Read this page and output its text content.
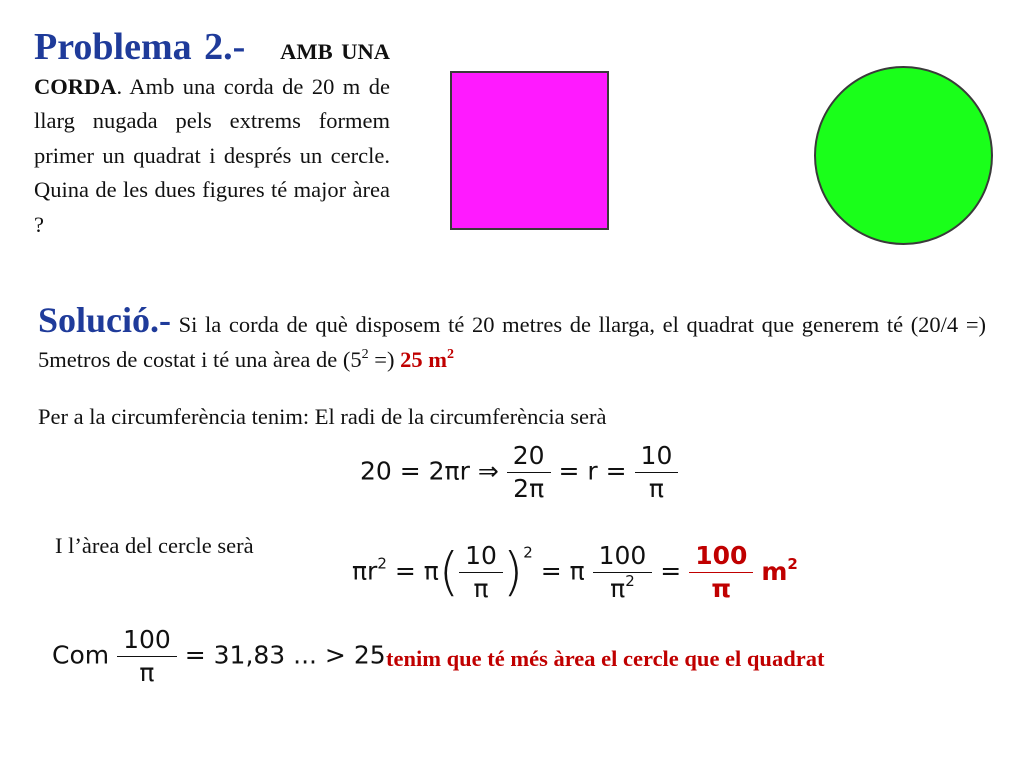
Problema 2.- AMB UNA CORDA. Amb una corda de 20 m de llarg nugada pels extrems formem primer un quadrat i després un cercle. Quina de les dues figures té major àrea ?
Solució.- Si la corda de què disposem té 20 metres de llarga, el quadrat que generem té (20/4 =) 5metros de costat i té una àrea de ($5^2$ =) 25 $m^2$
Per a la circumferència tenim: El radi de la circumferència serà
20 = 2πr ⇒ $\frac{20}{2\pi} = r = \frac{10}{\pi}$
I l’àrea del cercle serà
$\pi r^2 = \pi( \frac{10}{\pi} )^2 = \pi \frac{100}{\pi^2} = \frac{100}{\pi} m^2$
Com $\frac{100}{\pi} = 31,83$ ... > 25 tenim que té més àrea el cercle que el quadrat
